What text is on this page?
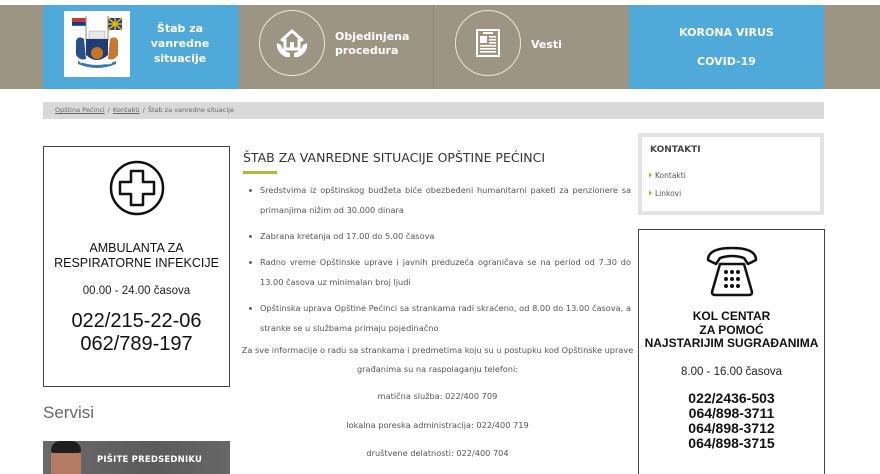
Štab za
vanredne
situacije
Objedinjena
procedura	Vesti
KORONA VIRUS
COVID-19
Opština Pećinci / Kontakti / Štab za vanredne situacije
AMBULANTA ZA
RESPIRATORNE INFEKCIJE
00.00 - 24.00 časova
022/215-22-06
062/789-197
Servisi
PIŠITE PREDSEDNIKU
ŠTAB ZA VANREDNE SITUACIJE OPŠTINE PEĆINCI
Sredstvima iz opštinskog budžeta biće obezbeđeni humanitarni paketi za penzionere sa primanjima nižim od 30.000 dinara
Zabrana kretanja od 17.00 do 5.00 časova
Radno vreme Opštinske uprave i javnih preduzeća ograničava se na period od 7.30 do 13.00 časova uz minimalan broj ljudi
Opštinska uprava Opštine Pećinci sa strankama radi skraćeno, od 8.00 do 13.00 časova, a stranke se u službama primaju pojedinačno

Za sve informacije o radu sa strankama i predmetima koju su u postupku kod Opštinske uprave građanima su na raspolaganju telefoni:

matična služba: 022/400 709

lokalna poreska administracija: 022/400 719

društvene delatnosti: 022/400 704

KONTAKTI
Kontakti
Linkovi
KOL CENTAR
ZA POMOĆ
NAJSTARIJIM SUGRAĐANIMA
8.00 - 16.00 časova
022/2436-503
064/898-3711
064/898-3712
064/898-3715
